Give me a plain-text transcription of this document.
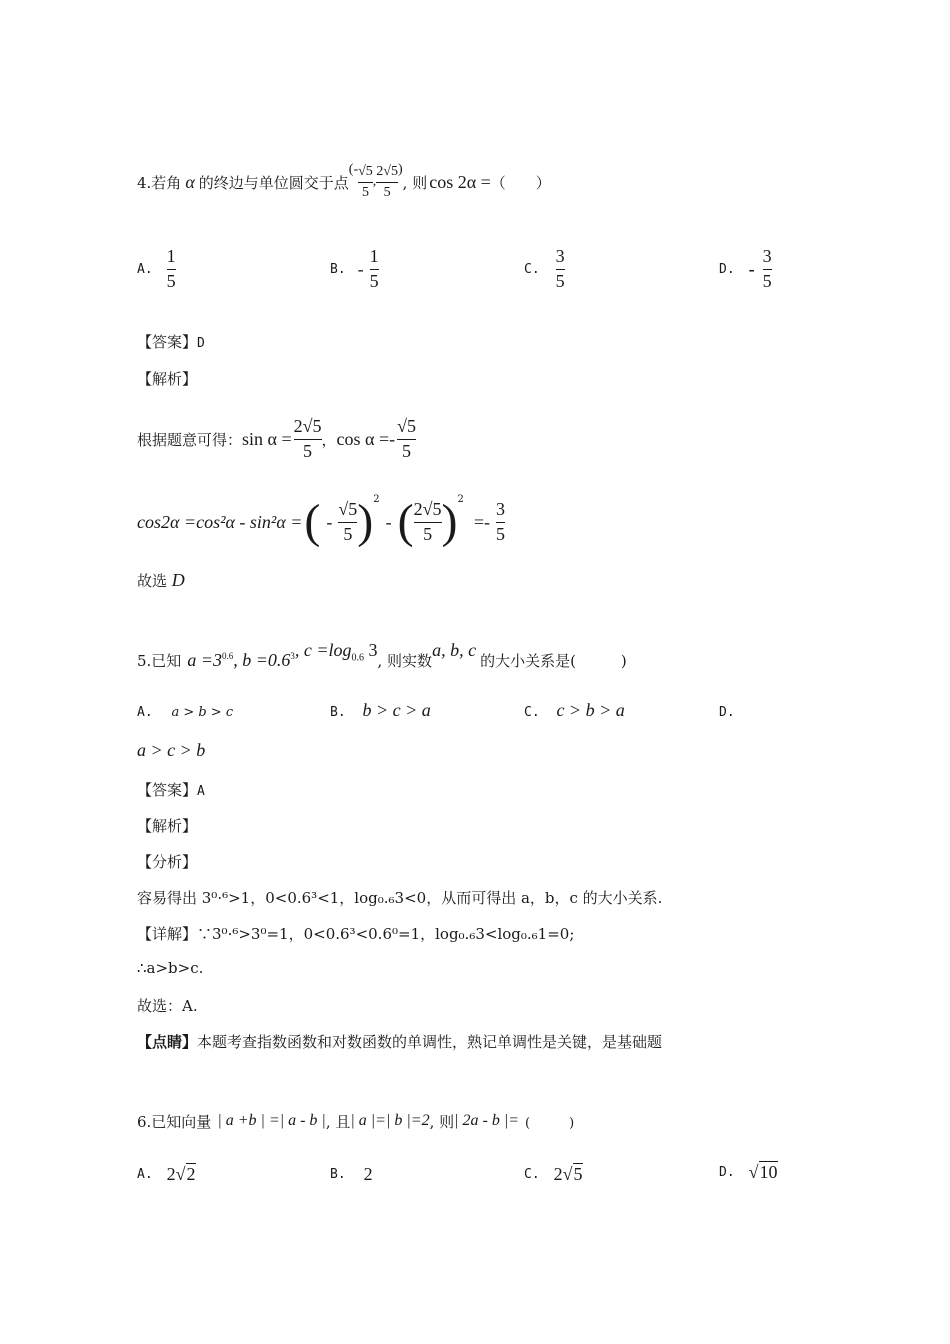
4.若角 α 的终边与单位圆交于点
(- $\frac{√5}{5}$ , $\frac{2√5}{5}$ )
, 则 cos 2α = （　　）
A. $\frac{1}{5}$	B. - $\frac{1}{5}$	C. $\frac{3}{5}$	D. - $\frac{3}{5}$
【答案】D
【解析】
根据题意可得： $\sin \alpha = \frac{2√5}{5}$ ， $\cos \alpha =- \frac{√5}{5}$
cos2α =cos²α - sin²α = ( - $\frac{√5}{5}$ ) 2
- ( $\frac{2√5}{5}$ ) 2
=- $\frac{3}{5}$
故选 D
5.已知 $a =3^{0.6}$ , $b =0.6^3$ , $c =\log_{0.6}$ 3
, 则实数
a, b, c
的大小关系是(　　　)
A. a > b > c	B. b > c > a	C. c > b > a	D.
a > c > b
【答案】A
【解析】
【分析】
容易得出 3⁰·⁶>1，0<0.6³<1，log₀.₆3<0，从而可得出 a，b，c 的大小关系.
【详解】∵3⁰·⁶>3⁰=1，0<0.6³<0.6⁰=1，log₀.₆3<log₀.₆1=0;
∴a>b>c.
故选：A.
【点睛】本题考查指数函数和对数函数的单调性，熟记单调性是关键，是基础题
6.已知向量 | a +b | =| a - b | , 且 | a |=| b |=2 , 则 | 2a - b |= (　　　)
A. 2√2	B. 2	C. 2√5	D. √10
